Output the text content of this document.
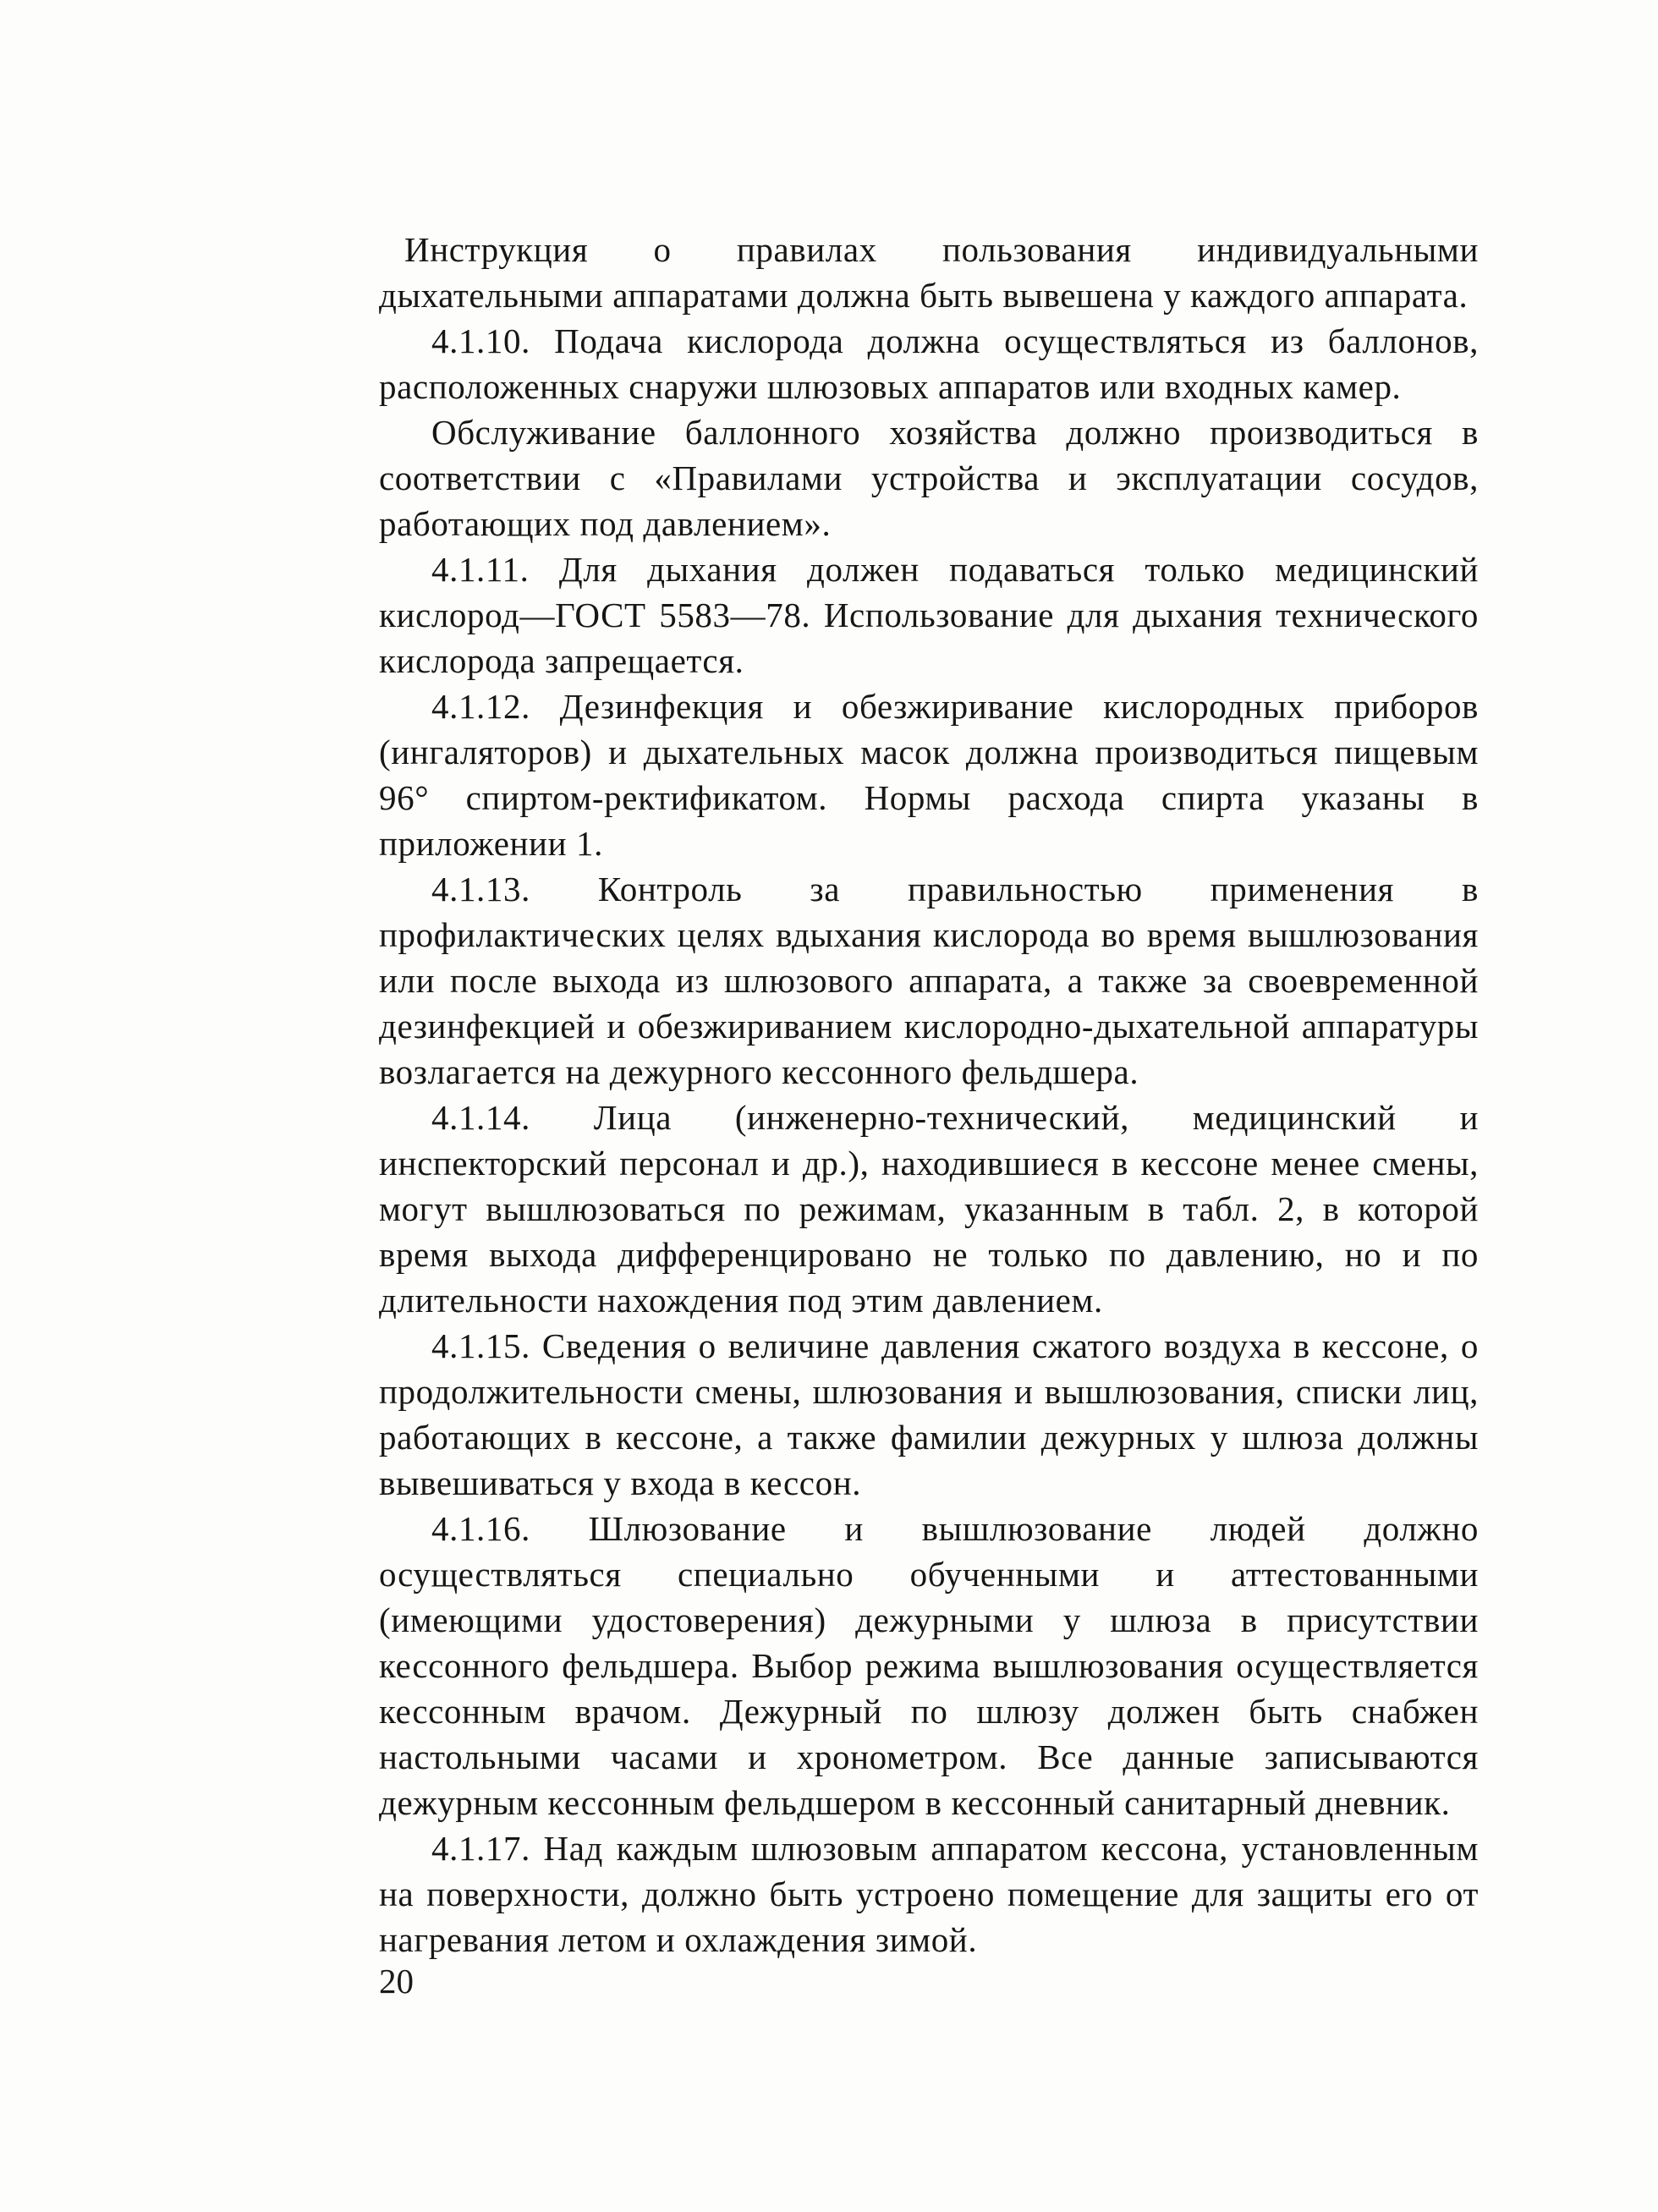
Инструкция о правилах пользования индивидуальными дыхательными аппаратами должна быть вывешена у каждого аппарата.

4.1.10. Подача кислорода должна осуществляться из баллонов, расположенных снаружи шлюзовых аппаратов или входных камер.

Обслуживание баллонного хозяйства должно производиться в соответствии с «Правилами устройства и эксплуатации сосудов, работающих под давлением».

4.1.11. Для дыхания должен подаваться только медицинский кислород—ГОСТ 5583—78. Использование для дыхания технического кислорода запрещается.

4.1.12. Дезинфекция и обезжиривание кислородных приборов (ингаляторов) и дыхательных масок должна производиться пищевым 96° спиртом-ректификатом. Нормы расхода спирта указаны в приложении 1.

4.1.13. Контроль за правильностью применения в профилактических целях вдыхания кислорода во время вышлюзования или после выхода из шлюзового аппарата, а также за своевременной дезинфекцией и обезжириванием кислородно-дыхательной аппаратуры возлагается на дежурного кессонного фельдшера.

4.1.14. Лица (инженерно-технический, медицинский и инспекторский персонал и др.), находившиеся в кессоне менее смены, могут вышлюзоваться по режимам, указанным в табл. 2, в которой время выхода дифференцировано не только по давлению, но и по длительности нахождения под этим давлением.

4.1.15. Сведения о величине давления сжатого воздуха в кессоне, о продолжительности смены, шлюзования и вышлюзования, списки лиц, работающих в кессоне, а также фамилии дежурных у шлюза должны вывешиваться у входа в кессон.

4.1.16. Шлюзование и вышлюзование людей должно осуществляться специально обученными и аттестованными (имеющими удостоверения) дежурными у шлюза в присутствии кессонного фельдшера. Выбор режима вышлюзования осуществляется кессонным врачом. Дежурный по шлюзу должен быть снабжен настольными часами и хронометром. Все данные записываются дежурным кессонным фельдшером в кессонный санитарный дневник.

4.1.17. Над каждым шлюзовым аппаратом кессона, установленным на поверхности, должно быть устроено помещение для защиты его от нагревания летом и охлаждения зимой.

20
